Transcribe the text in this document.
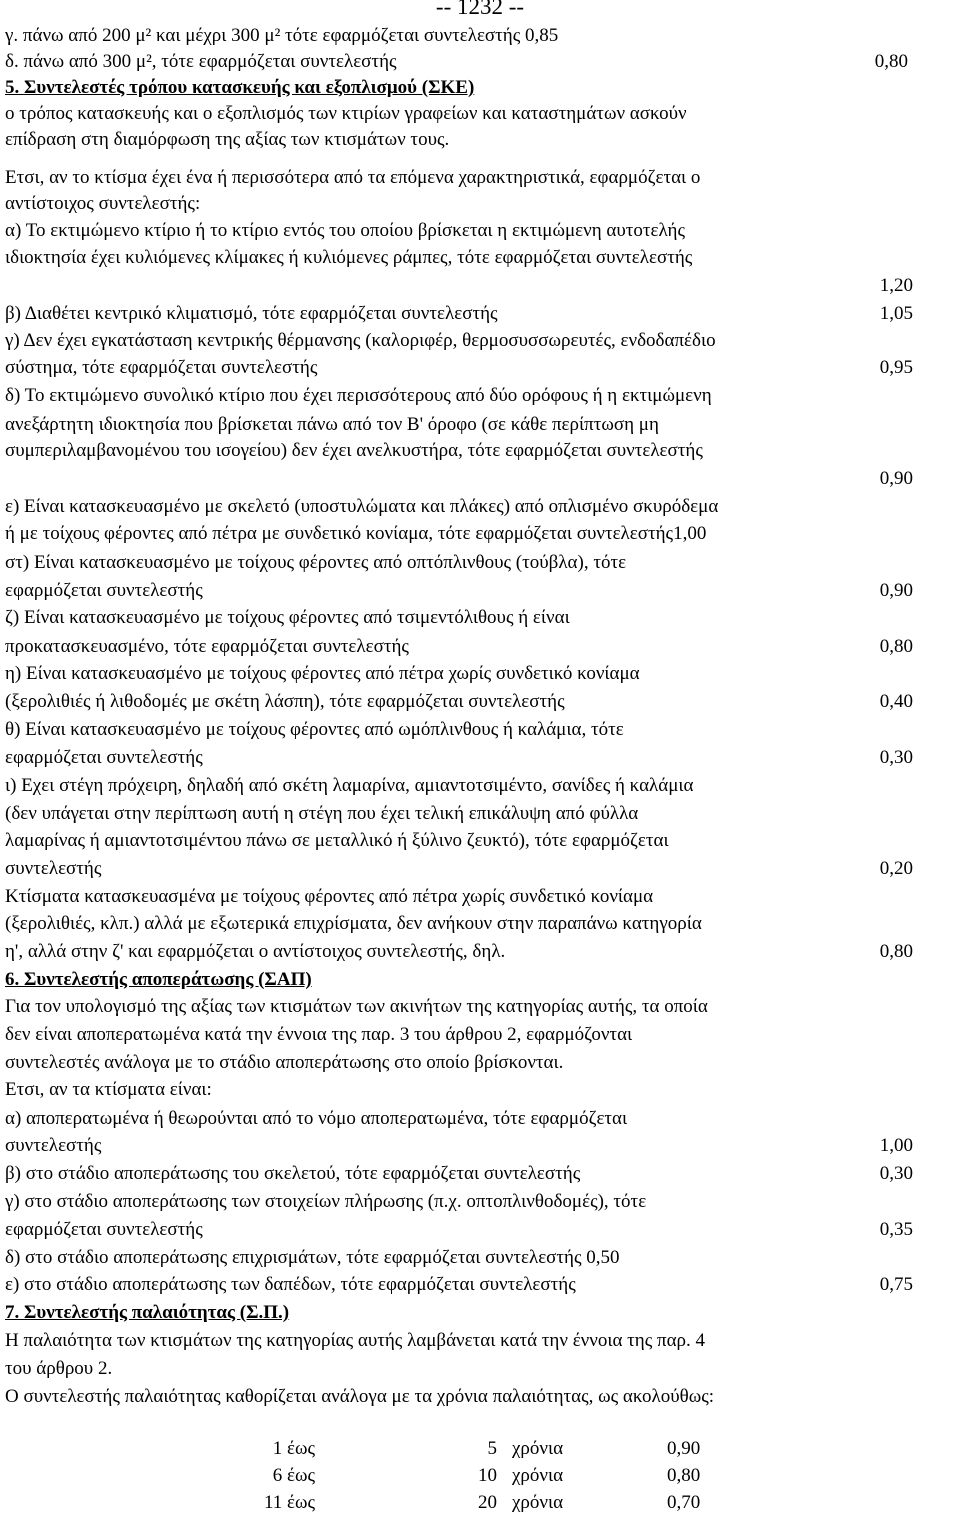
-- 1232 --
γ. πάνω από 200 μ² και μέχρι 300 μ² τότε εφαρμόζεται συντελεστής 0,85
δ. πάνω από 300 μ², τότε εφαρμόζεται συντελεστής	0,80
5. Συντελεστές τρόπου κατασκευής και εξοπλισμού (ΣΚΕ)
ο τρόπος κατασκευής και ο εξοπλισμός των κτιρίων γραφείων και καταστημάτων ασκούν
επίδραση στη διαμόρφωση της αξίας των κτισμάτων τους.
Ετσι, αν το κτίσμα έχει ένα ή περισσότερα από τα επόμενα χαρακτηριστικά, εφαρμόζεται ο
αντίστοιχος συντελεστής:
α) Το εκτιμώμενο κτίριο ή το κτίριο εντός του οποίου βρίσκεται η εκτιμώμενη αυτοτελής
ιδιοκτησία έχει κυλιόμενες κλίμακες ή κυλιόμενες ράμπες, τότε εφαρμόζεται συντελεστής
1,20
β) Διαθέτει κεντρικό κλιματισμό, τότε εφαρμόζεται συντελεστής	1,05
γ) Δεν έχει εγκατάσταση κεντρικής θέρμανσης (καλοριφέρ, θερμοσυσσωρευτές, ενδοδαπέδιο
σύστημα, τότε εφαρμόζεται συντελεστής	0,95
δ) Το εκτιμώμενο συνολικό κτίριο που έχει περισσότερους από δύο ορόφους ή η εκτιμώμενη
ανεξάρτητη ιδιοκτησία που βρίσκεται πάνω από τον Β' όροφο (σε κάθε περίπτωση μη
συμπεριλαμβανομένου του ισογείου) δεν έχει ανελκυστήρα, τότε εφαρμόζεται συντελεστής
0,90
ε) Είναι κατασκευασμένο με σκελετό (υποστυλώματα και πλάκες) από οπλισμένο σκυρόδεμα
ή με τοίχους φέροντες από πέτρα με συνδετικό κονίαμα, τότε εφαρμόζεται συντελεστής1,00
στ) Είναι κατασκευασμένο με τοίχους φέροντες από οπτόπλινθους (τούβλα), τότε
εφαρμόζεται συντελεστής	0,90
ζ) Είναι κατασκευασμένο με τοίχους φέροντες από τσιμεντόλιθους ή είναι
προκατασκευασμένο, τότε εφαρμόζεται συντελεστής	0,80
η) Είναι κατασκευασμένο με τοίχους φέροντες από πέτρα χωρίς συνδετικό κονίαμα
(ξερολιθιές ή λιθοδομές με σκέτη λάσπη), τότε εφαρμόζεται συντελεστής	0,40
θ) Είναι κατασκευασμένο με τοίχους φέροντες από ωμόπλινθους ή καλάμια, τότε
εφαρμόζεται συντελεστής	0,30
ι) Εχει στέγη πρόχειρη, δηλαδή από σκέτη λαμαρίνα, αμιαντοτσιμέντο, σανίδες ή καλάμια
(δεν υπάγεται στην περίπτωση αυτή η στέγη που έχει τελική επικάλυψη από φύλλα
λαμαρίνας ή αμιαντοτσιμέντου πάνω σε μεταλλικό ή ξύλινο ζευκτό), τότε εφαρμόζεται
συντελεστής	0,20
Κτίσματα κατασκευασμένα με τοίχους φέροντες από πέτρα χωρίς συνδετικό κονίαμα
(ξερολιθιές, κλπ.) αλλά με εξωτερικά επιχρίσματα, δεν ανήκουν στην παραπάνω κατηγορία
η', αλλά στην ζ' και εφαρμόζεται ο αντίστοιχος συντελεστής, δηλ.	0,80
6. Συντελεστής αποπεράτωσης (ΣΑΠ)
Για τον υπολογισμό της αξίας των κτισμάτων των ακινήτων της κατηγορίας αυτής, τα οποία
δεν είναι αποπερατωμένα κατά την έννοια της παρ. 3 του άρθρου 2, εφαρμόζονται
συντελεστές ανάλογα με το στάδιο αποπεράτωσης στο οποίο βρίσκονται.
Ετσι, αν τα κτίσματα είναι:
α) αποπερατωμένα ή θεωρούνται από το νόμο αποπερατωμένα, τότε εφαρμόζεται
συντελεστής	1,00
β) στο στάδιο αποπεράτωσης του σκελετού, τότε εφαρμόζεται συντελεστής	0,30
γ) στο στάδιο αποπεράτωσης των στοιχείων πλήρωσης (π.χ. οπτοπλινθοδομές), τότε
εφαρμόζεται συντελεστής	0,35
δ) στο στάδιο αποπεράτωσης επιχρισμάτων, τότε εφαρμόζεται συντελεστής 0,50
ε) στο στάδιο αποπεράτωσης των δαπέδων, τότε εφαρμόζεται συντελεστής	0,75
7. Συντελεστής παλαιότητας (Σ.Π.)
Η παλαιότητα των κτισμάτων της κατηγορίας αυτής λαμβάνεται κατά την έννοια της παρ. 4
του άρθρου 2.
Ο συντελεστής παλαιότητας καθορίζεται ανάλογα με τα χρόνια παλαιότητας, ως ακολούθως:
1 έως	5 χρόνια	0,90
6 έως	10 χρόνια	0,80
11 έως	20 χρόνια	0,70
